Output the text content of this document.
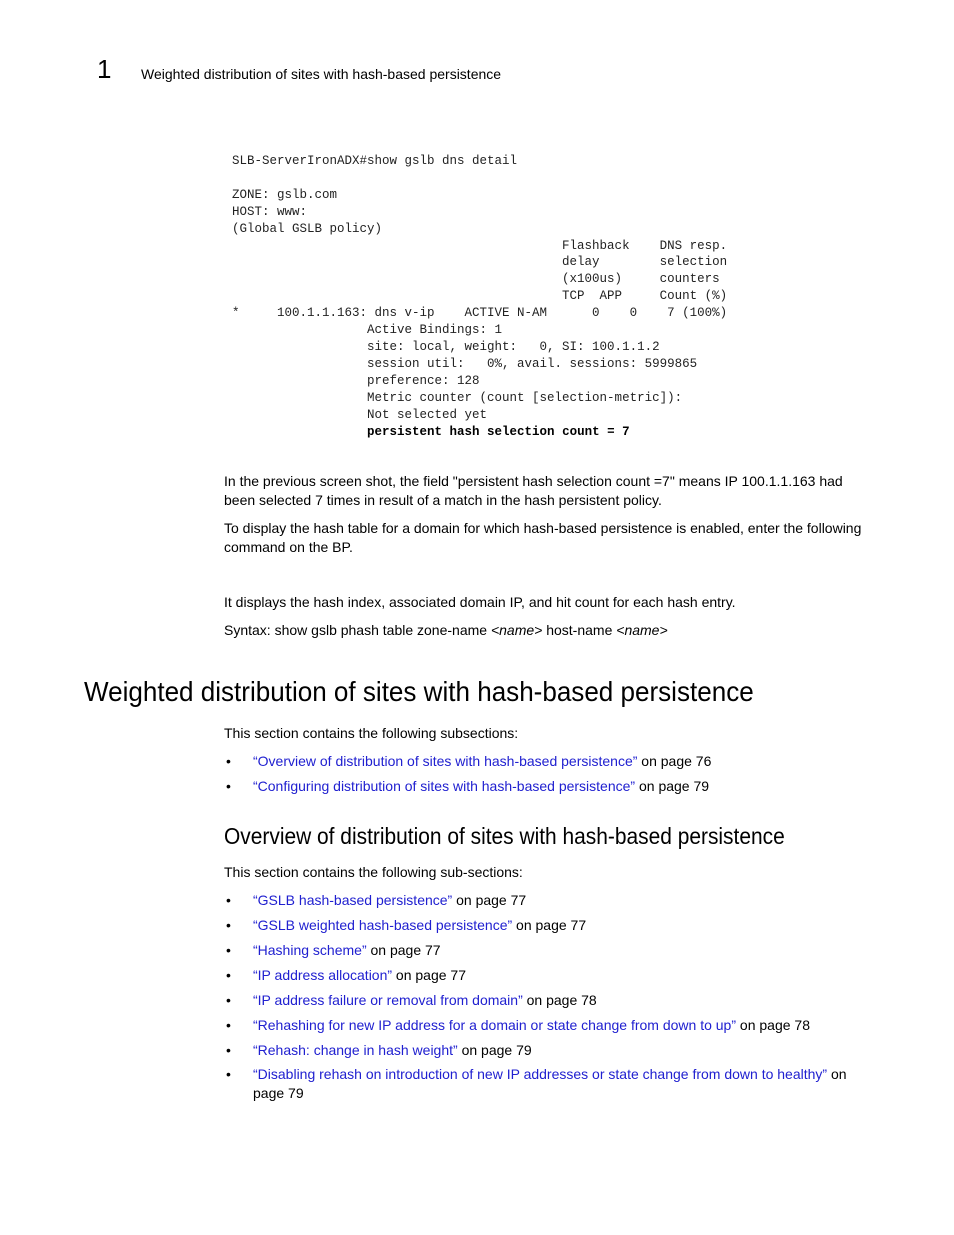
1 Weighted distribution of sites with hash-based persistence
SLB-ServerIronADX#show gslb dns detail

ZONE: gslb.com
HOST: www:
(Global GSLB policy)
Flashback    DNS resp.
delay        selection
(x100us)     counters
TCP  APP     Count (%)
*     100.1.1.163: dns v-ip    ACTIVE N-AM      0    0    7 (100%)
Active Bindings: 1
site: local, weight:   0, SI: 100.1.1.2
session util:   0%, avail. sessions: 5999865
preference: 128
Metric counter (count [selection-metric]):
Not selected yet
persistent hash selection count = 7
In the previous screen shot, the field "persistent hash selection count =7" means IP 100.1.1.163 had been selected 7 times in result of a match in the hash persistent policy.
To display the hash table for a domain for which hash-based persistence is enabled, enter the following command on the BP.
It displays the hash index, associated domain IP, and hit count for each hash entry.
Syntax: show gslb phash table zone-name <name> host-name <name>
Weighted distribution of sites with hash-based persistence
This section contains the following subsections:
• “Overview of distribution of sites with hash-based persistence” on page 76
• “Configuring distribution of sites with hash-based persistence” on page 79
Overview of distribution of sites with hash-based persistence
This section contains the following sub-sections:
• “GSLB hash-based persistence” on page 77
• “GSLB weighted hash-based persistence” on page 77
• “Hashing scheme” on page 77
• “IP address allocation” on page 77
• “IP address failure or removal from domain” on page 78
• “Rehashing for new IP address for a domain or state change from down to up” on page 78
• “Rehash: change in hash weight” on page 79
• “Disabling rehash on introduction of new IP addresses or state change from down to healthy” on page 79
